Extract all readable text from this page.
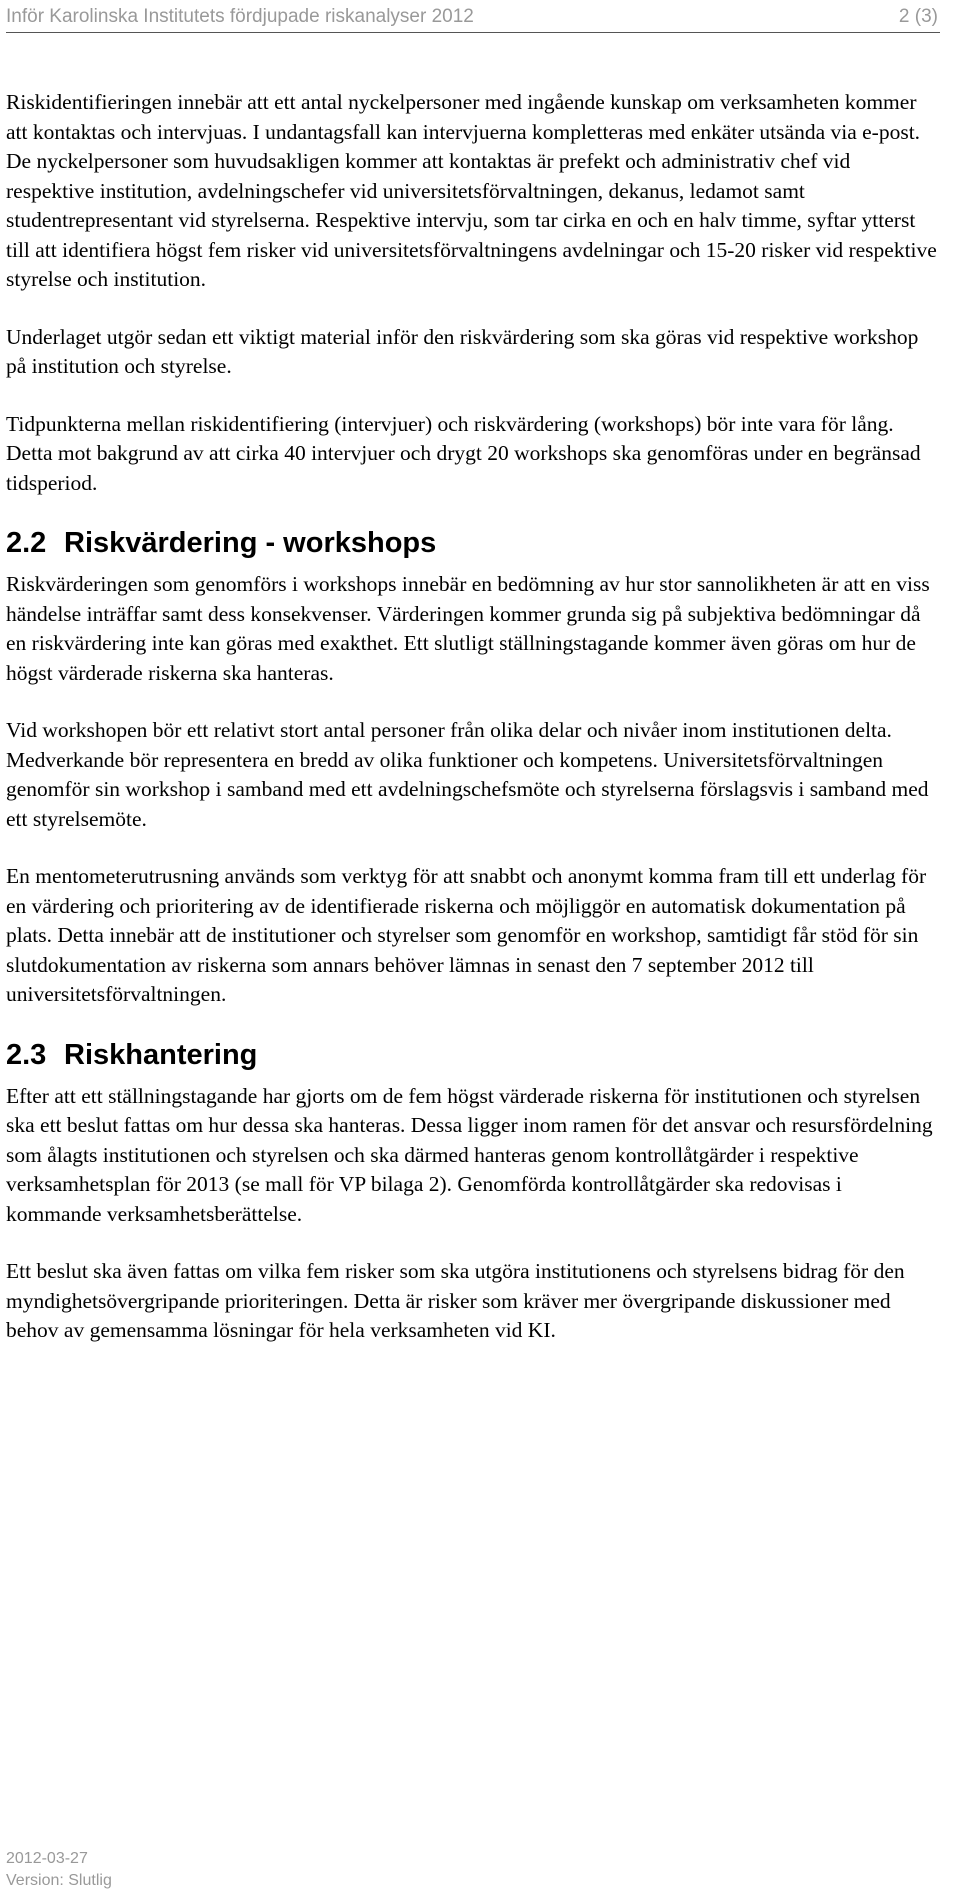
Inför Karolinska Institutets fördjupade riskanalyser 2012	2 (3)

Riskidentifieringen innebär att ett antal nyckelpersoner med ingående kunskap om verksamheten kommer att kontaktas och intervjuas. I undantagsfall kan intervjuerna kompletteras med enkäter utsända via e-post. De nyckelpersoner som huvudsakligen kommer att kontaktas är prefekt och administrativ chef vid respektive institution, avdelningschefer vid universitetsförvaltningen, dekanus, ledamot samt studentrepresentant vid styrelserna. Respektive intervju, som tar cirka en och en halv timme, syftar ytterst till att identifiera högst fem risker vid universitetsförvaltningens avdelningar och 15-20 risker vid respektive styrelse och institution.

Underlaget utgör sedan ett viktigt material inför den riskvärdering som ska göras vid respektive workshop på institution och styrelse.

Tidpunkterna mellan riskidentifiering (intervjuer) och riskvärdering (workshops) bör inte vara för lång. Detta mot bakgrund av att cirka 40 intervjuer och drygt 20 workshops ska genomföras under en begränsad tidsperiod.

2.2 Riskvärdering - workshops

Riskvärderingen som genomförs i workshops innebär en bedömning av hur stor sannolikheten är att en viss händelse inträffar samt dess konsekvenser. Värderingen kommer grunda sig på subjektiva bedömningar då en riskvärdering inte kan göras med exakthet. Ett slutligt ställningstagande kommer även göras om hur de högst värderade riskerna ska hanteras.

Vid workshopen bör ett relativt stort antal personer från olika delar och nivåer inom institutionen delta. Medverkande bör representera en bredd av olika funktioner och kompetens. Universitetsförvaltningen genomför sin workshop i samband med ett avdelningschefsmöte och styrelserna förslagsvis i samband med ett styrelsemöte.

En mentometerutrusning används som verktyg för att snabbt och anonymt komma fram till ett underlag för en värdering och prioritering av de identifierade riskerna och möjliggör en automatisk dokumentation på plats. Detta innebär att de institutioner och styrelser som genomför en workshop, samtidigt får stöd för sin slutdokumentation av riskerna som annars behöver lämnas in senast den 7 september 2012 till universitetsförvaltningen.

2.3 Riskhantering

Efter att ett ställningstagande har gjorts om de fem högst värderade riskerna för institutionen och styrelsen ska ett beslut fattas om hur dessa ska hanteras. Dessa ligger inom ramen för det ansvar och resursfördelning som ålagts institutionen och styrelsen och ska därmed hanteras genom kontrollåtgärder i respektive verksamhetsplan för 2013 (se mall för VP bilaga 2). Genomförda kontrollåtgärder ska redovisas i kommande verksamhetsberättelse.

Ett beslut ska även fattas om vilka fem risker som ska utgöra institutionens och styrelsens bidrag för den myndighetsövergripande prioriteringen. Detta är risker som kräver mer övergripande diskussioner med behov av gemensamma lösningar för hela verksamheten vid KI.

2012-03-27
Version: Slutlig
